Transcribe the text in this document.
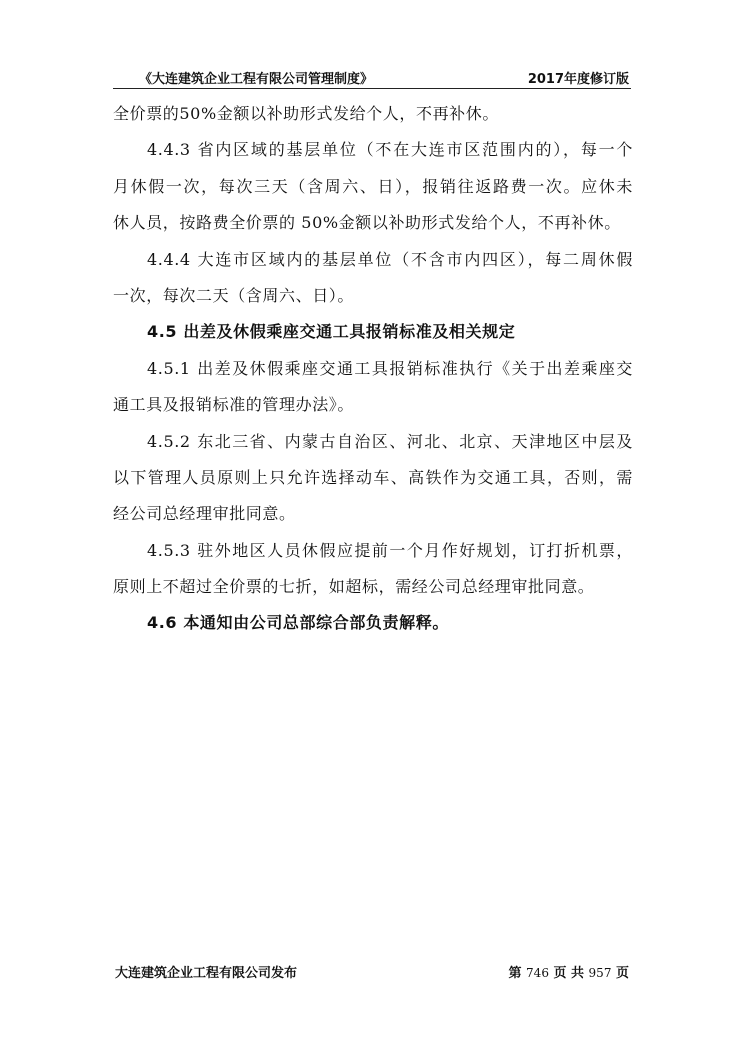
《大连建筑企业工程有限公司管理制度》	2017年度修订版
全价票的50%金额以补助形式发给个人，不再补休。
4.4.3 省内区域的基层单位（不在大连市区范围内的），每一个
月休假一次，每次三天（含周六、日），报销往返路费一次。应休未
休人员，按路费全价票的 50%金额以补助形式发给个人，不再补休。
4.4.4 大连市区域内的基层单位（不含市内四区），每二周休假
一次，每次二天（含周六、日）。
4.5 出差及休假乘座交通工具报销标准及相关规定
4.5.1 出差及休假乘座交通工具报销标准执行《关于出差乘座交
通工具及报销标准的管理办法》。
4.5.2 东北三省、内蒙古自治区、河北、北京、天津地区中层及
以下管理人员原则上只允许选择动车、高铁作为交通工具，否则，需
经公司总经理审批同意。
4.5.3 驻外地区人员休假应提前一个月作好规划，订打折机票，
原则上不超过全价票的七折，如超标，需经公司总经理审批同意。
4.6 本通知由公司总部综合部负责解释。
大连建筑企业工程有限公司发布	第 746 页 共 957 页
